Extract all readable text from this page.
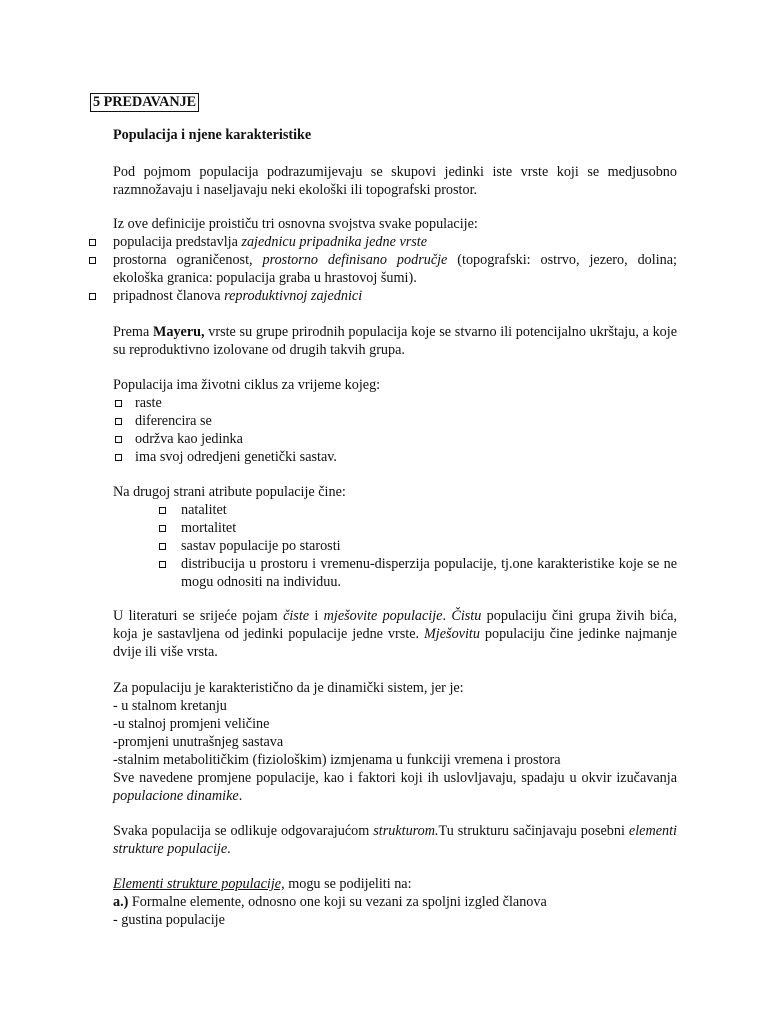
5 PREDAVANJE
Populacija i njene karakteristike
Pod pojmom populacija podrazumijevaju se skupovi jedinki iste vrste koji se medjusobno razmnožavaju i naseljavaju neki ekološki ili topografski prostor.
Iz ove definicije proističu tri osnovna svojstva svake populacije:
populacija predstavlja zajednicu pripadnika jedne vrste
prostorna ograničenost, prostorno definisano područje (topografski: ostrvo, jezero, dolina; ekološka granica: populacija graba u hrastovoj šumi).
pripadnost članova reproduktivnoj zajednici
Prema Mayeru, vrste su grupe prirodnih populacija koje se stvarno ili potencijalno ukrštaju, a koje su reproduktivno izolovane od drugih takvih grupa.
Populacija ima životni ciklus za vrijeme kojeg:
raste
diferencira se
održva kao jedinka
ima svoj odredjeni genetički sastav.
Na drugoj strani atribute populacije čine:
natalitet
mortalitet
sastav populacije po starosti
distribucija u prostoru i vremenu-disperzija populacije, tj.one karakteristike koje se ne mogu odnositi na individuu.
U literaturi se srijeće pojam čiste i mješovite populacije. Čistu populaciju čini grupa živih bića, koja je sastavljena od jedinki populacije jedne vrste. Mješovitu populaciju čine jedinke najmanje dvije ili više vrsta.
Za populaciju je karakteristično da je dinamički sistem, jer je:
- u stalnom kretanju
-u stalnoj promjeni veličine
-promjeni unutrašnjeg sastava
-stalnim metabolitičkim (fiziološkim) izmjenama u funkciji vremena i prostora
Sve navedene promjene populacije, kao i faktori koji ih uslovljavaju, spadaju u okvir izučavanja populacione dinamike.
Svaka populacija se odlikuje odgovarajućom strukturom.Tu strukturu sačinjavaju posebni elementi strukture populacije.
Elementi strukture populacije, mogu se podijeliti na:
a.) Formalne elemente, odnosno one koji su vezani za spoljni izgled članova
- gustina populacije
